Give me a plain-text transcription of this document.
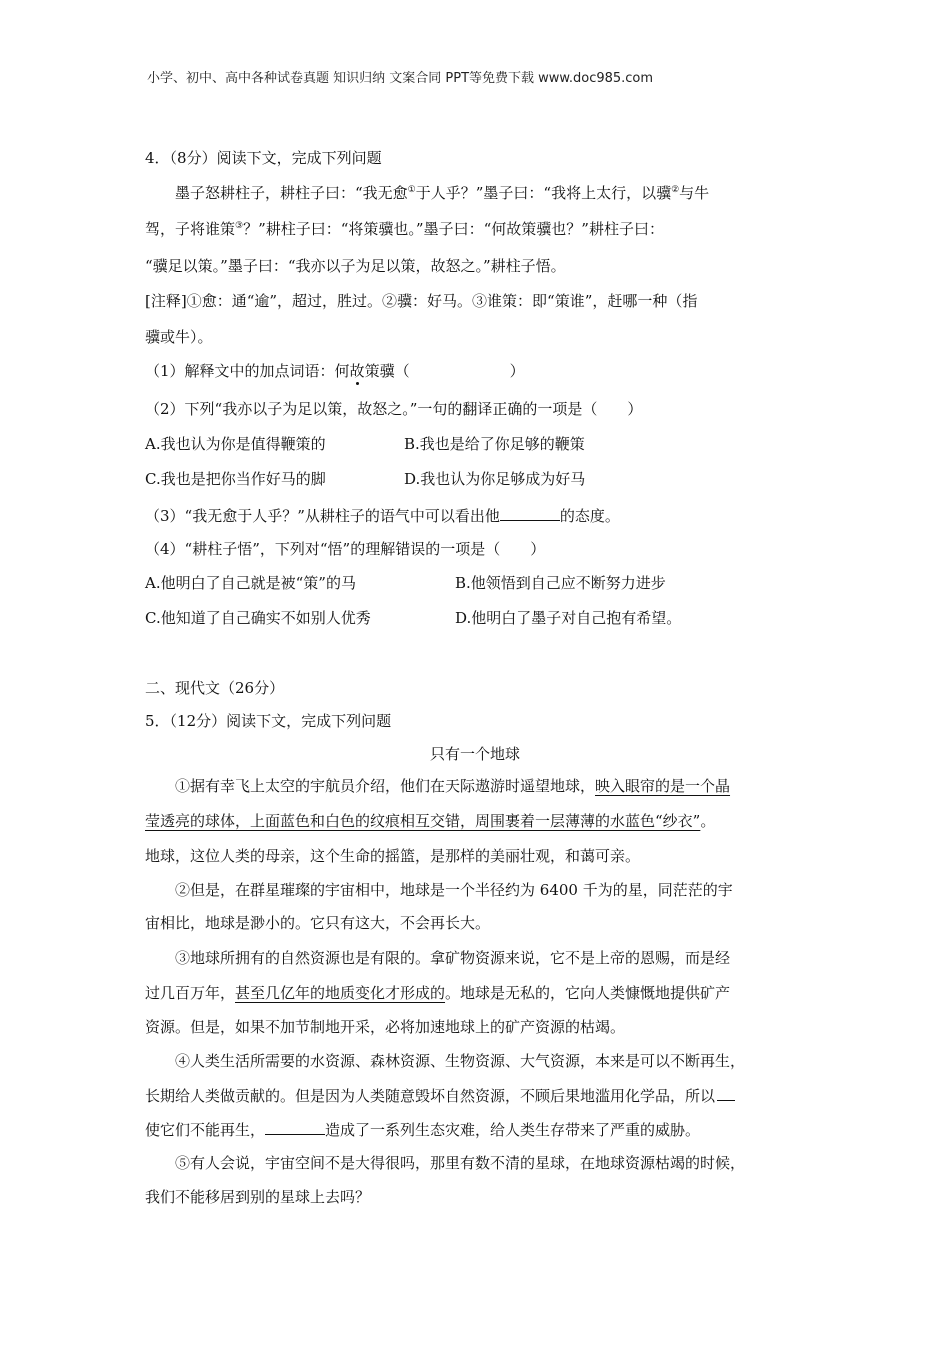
小学、初中、高中各种试卷真题 知识归纳 文案合同 PPT等免费下载 www.doc985.com
4．（8分）阅读下文，完成下列问题
墨子怒耕柱子，耕柱子曰：“我无愈①于人乎？”墨子曰：“我将上太行，以骥②与牛
驾，子将谁策③？”耕柱子曰：“将策骥也。”墨子曰：“何故策骥也？”耕柱子曰：
“骥足以策。”墨子曰：“我亦以子为足以策，故怒之。”耕柱子悟。
[注释]①愈：通“逾”，超过，胜过。②骥：好马。③谁策：即“策谁”，赶哪一种（指
骥或牛）。
（1）解释文中的加点词语：何故策骥（	）
（2）下列“我亦以子为足以策，故怒之。”一句的翻译正确的一项是（　　）
A.我也认为你是值得鞭策的	B.我也是给了你足够的鞭策
C.我也是把你当作好马的脚	D.我也认为你足够成为好马
（3）“我无愈于人乎？”从耕柱子的语气中可以看出他	的态度。
（4）“耕柱子悟”，下列对“悟”的理解错误的一项是（　　）
A.他明白了自己就是被“策”的马	B.他领悟到自己应不断努力进步
C.他知道了自己确实不如别人优秀	D.他明白了墨子对自己抱有希望。
二、现代文（26分）
5．（12分）阅读下文，完成下列问题
只有一个地球
①据有幸飞上太空的宇航员介绍，他们在天际遨游时遥望地球，映入眼帘的是一个晶
莹透亮的球体，上面蓝色和白色的纹痕相互交错，周围裹着一层薄薄的水蓝色“纱衣”。
地球，这位人类的母亲，这个生命的摇篮，是那样的美丽壮观，和蔼可亲。
②但是，在群星璀璨的宇宙相中，地球是一个半径约为 6400 千为的星，同茫茫的宇
宙相比，地球是渺小的。它只有这大，不会再长大。
③地球所拥有的自然资源也是有限的。拿矿物资源来说，它不是上帝的恩赐，而是经
过几百万年，甚至几亿年的地质变化才形成的。地球是无私的，它向人类慷慨地提供矿产
资源。但是，如果不加节制地开采，必将加速地球上的矿产资源的枯竭。
④人类生活所需要的水资源、森林资源、生物资源、大气资源，本来是可以不断再生，
长期给人类做贡献的。但是因为人类随意毁坏自然资源，不顾后果地滥用化学品，所以
使它们不能再生，	造成了一系列生态灾难，给人类生存带来了严重的威胁。
⑤有人会说，宇宙空间不是大得很吗，那里有数不清的星球，在地球资源枯竭的时候，
我们不能移居到别的星球上去吗？
